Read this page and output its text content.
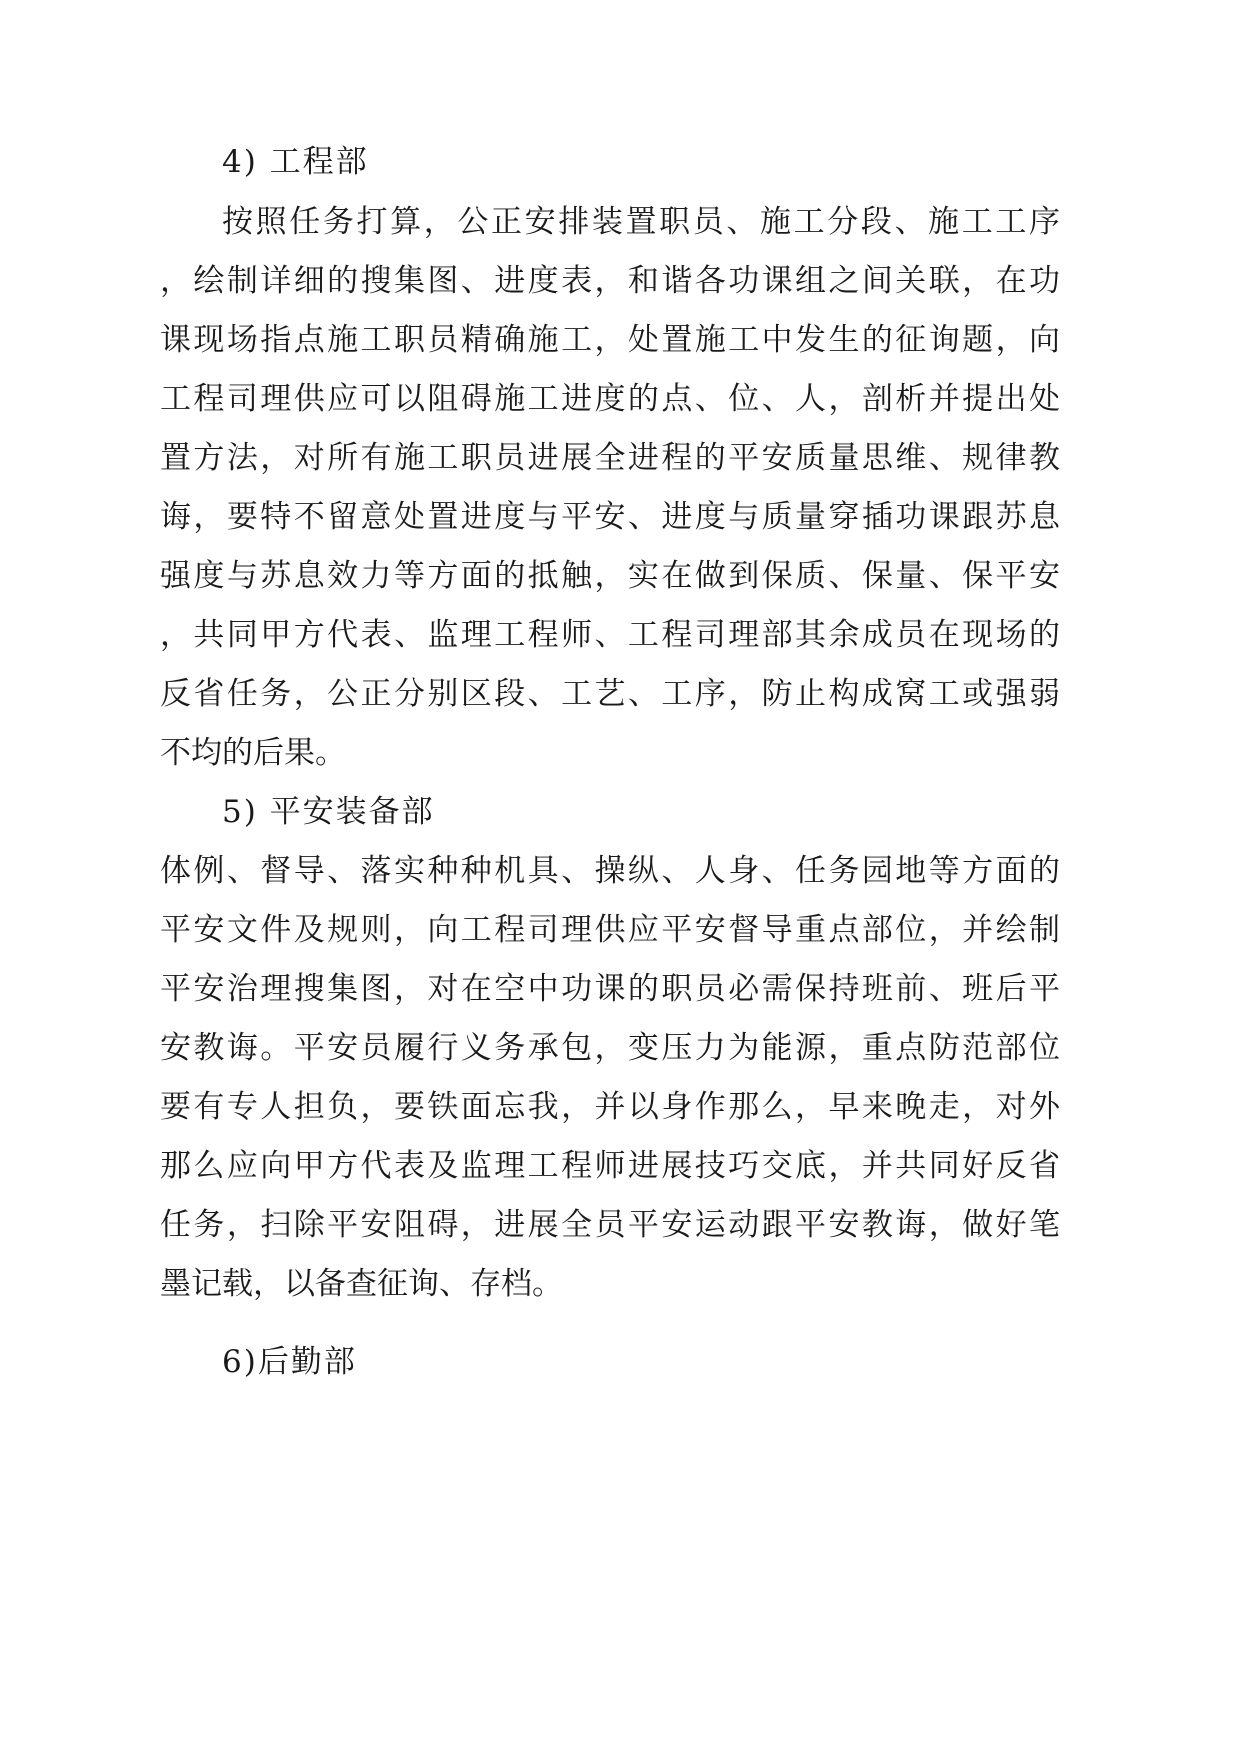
4) 工程部
按照任务打算，公正安排装置职员、施工分段、施工工序
，绘制详细的搜集图、进度表，和谐各功课组之间关联，在功
课现场指点施工职员精确施工，处置施工中发生的征询题，向
工程司理供应可以阻碍施工进度的点、位、人，剖析并提出处
置方法，对所有施工职员进展全进程的平安质量思维、规律教
诲，要特不留意处置进度与平安、进度与质量穿插功课跟苏息
强度与苏息效力等方面的抵触，实在做到保质、保量、保平安
，共同甲方代表、监理工程师、工程司理部其余成员在现场的
反省任务，公正分别区段、工艺、工序，防止构成窝工或强弱
不均的后果。
5) 平安装备部
体例、督导、落实种种机具、操纵、人身、任务园地等方面的
平安文件及规则，向工程司理供应平安督导重点部位，并绘制
平安治理搜集图，对在空中功课的职员必需保持班前、班后平
安教诲。平安员履行义务承包，变压力为能源，重点防范部位
要有专人担负，要铁面忘我，并以身作那么，早来晚走，对外
那么应向甲方代表及监理工程师进展技巧交底，并共同好反省
任务，扫除平安阻碍，进展全员平安运动跟平安教诲，做好笔
墨记载，以备查征询、存档。
6)后勤部
